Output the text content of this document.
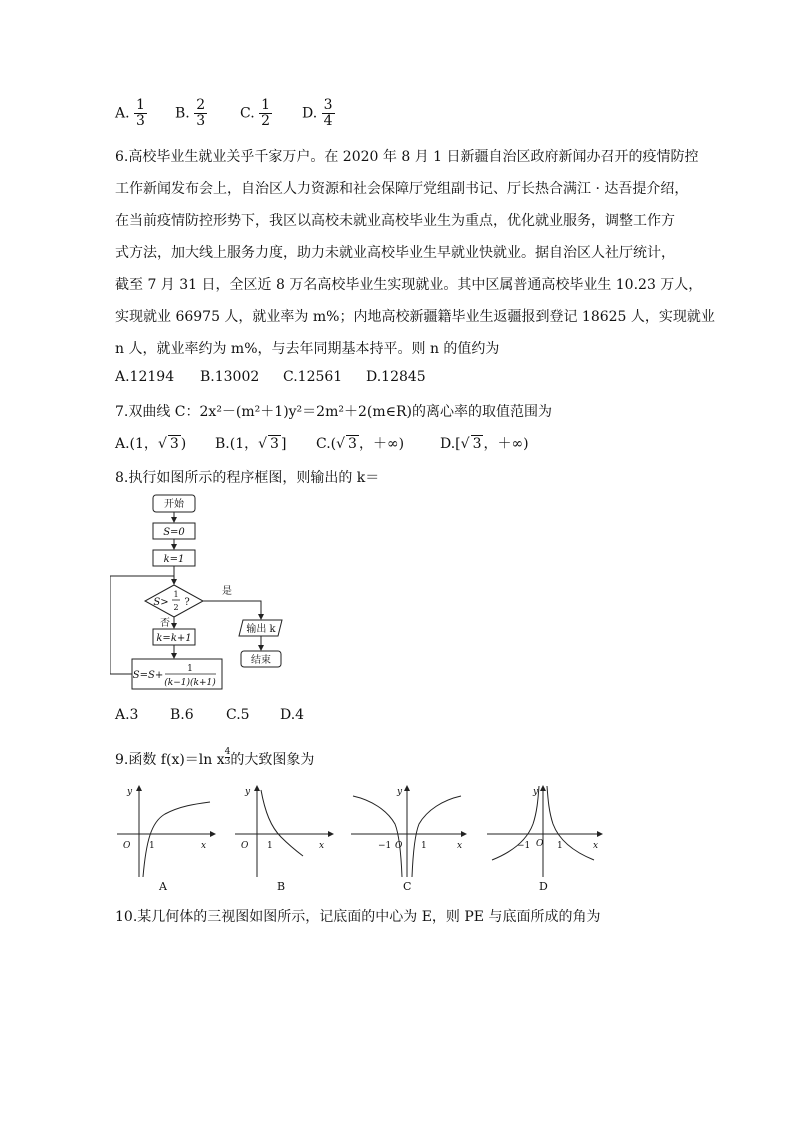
A. $\frac{1}{3} B$. $\frac{2}{3} C$. $\frac{1}{2} D$. $\frac{3}{4}$
6.高校毕业生就业关乎千家万户。在 2020 年 8 月 1 日新疆自治区政府新闻办召开的疫情防控
工作新闻发布会上，自治区人力资源和社会保障厅党组副书记、厅长热合满江 · 达吾提介绍，
在当前疫情防控形势下，我区以高校未就业高校毕业生为重点，优化就业服务，调整工作方
式方法，加大线上服务力度，助力未就业高校毕业生早就业快就业。据自治区人社厅统计，
截至 7 月 31 日，全区近 8 万名高校毕业生实现就业。其中区属普通高校毕业生 10.23 万人，
实现就业 66975 人，就业率为 m%；内地高校新疆籍毕业生返疆报到登记 18625 人，实现就业
n 人，就业率约为 m%，与去年同期基本持平。则 n 的值约为
A.12194 B.13002 C.12561 D.12845
7.双曲线 C：2x²－(m²＋1)y²＝2m²＋2(m∈R)的离心率的取值范围为
A.(1，√ 3 ) B.(1，√ 3 ] C.(√ 3 ，＋∞)	D.[√ 3 ，＋∞)
8.执行如图所示的程序框图，则输出的 k＝
开始
S=0
k=1
S>
1
2 ?
是
否
k=k+1
输出 k
结束
S=S+
1
(k−1)(k+1)
A.3 B.6 C.5 D.4
9.函数 f(x)＝ln x $^{\frac{4}{3}}$ 的大致图象为
y
x
O 1
A
y
x
O 1
B
y
x
O 1
−1
C
y
x
O 1
−1
D
10.某几何体的三视图如图所示，记底面的中心为 E，则 PE 与底面所成的角为
